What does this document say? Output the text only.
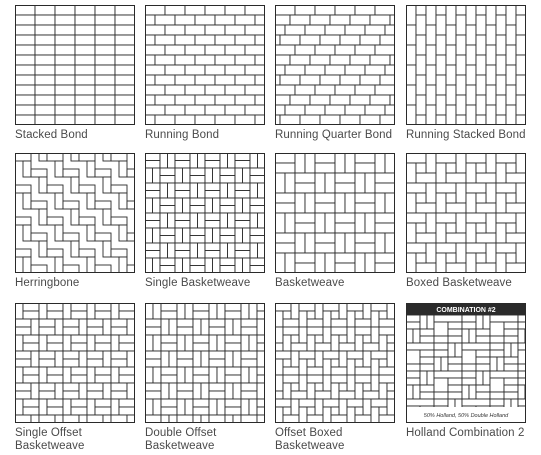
Stacked Bond	Running Bond	Running Quarter Bond	Running Stacked Bond
Herringbone	Single Basketweave	Basketweave	Boxed Basketweave
Single Offset Basketweave
Double Offset Basketweave
Offset Boxed Basketweave
COMBINATION #2
50% Holland, 50% Double Holland
Holland Combination 2
